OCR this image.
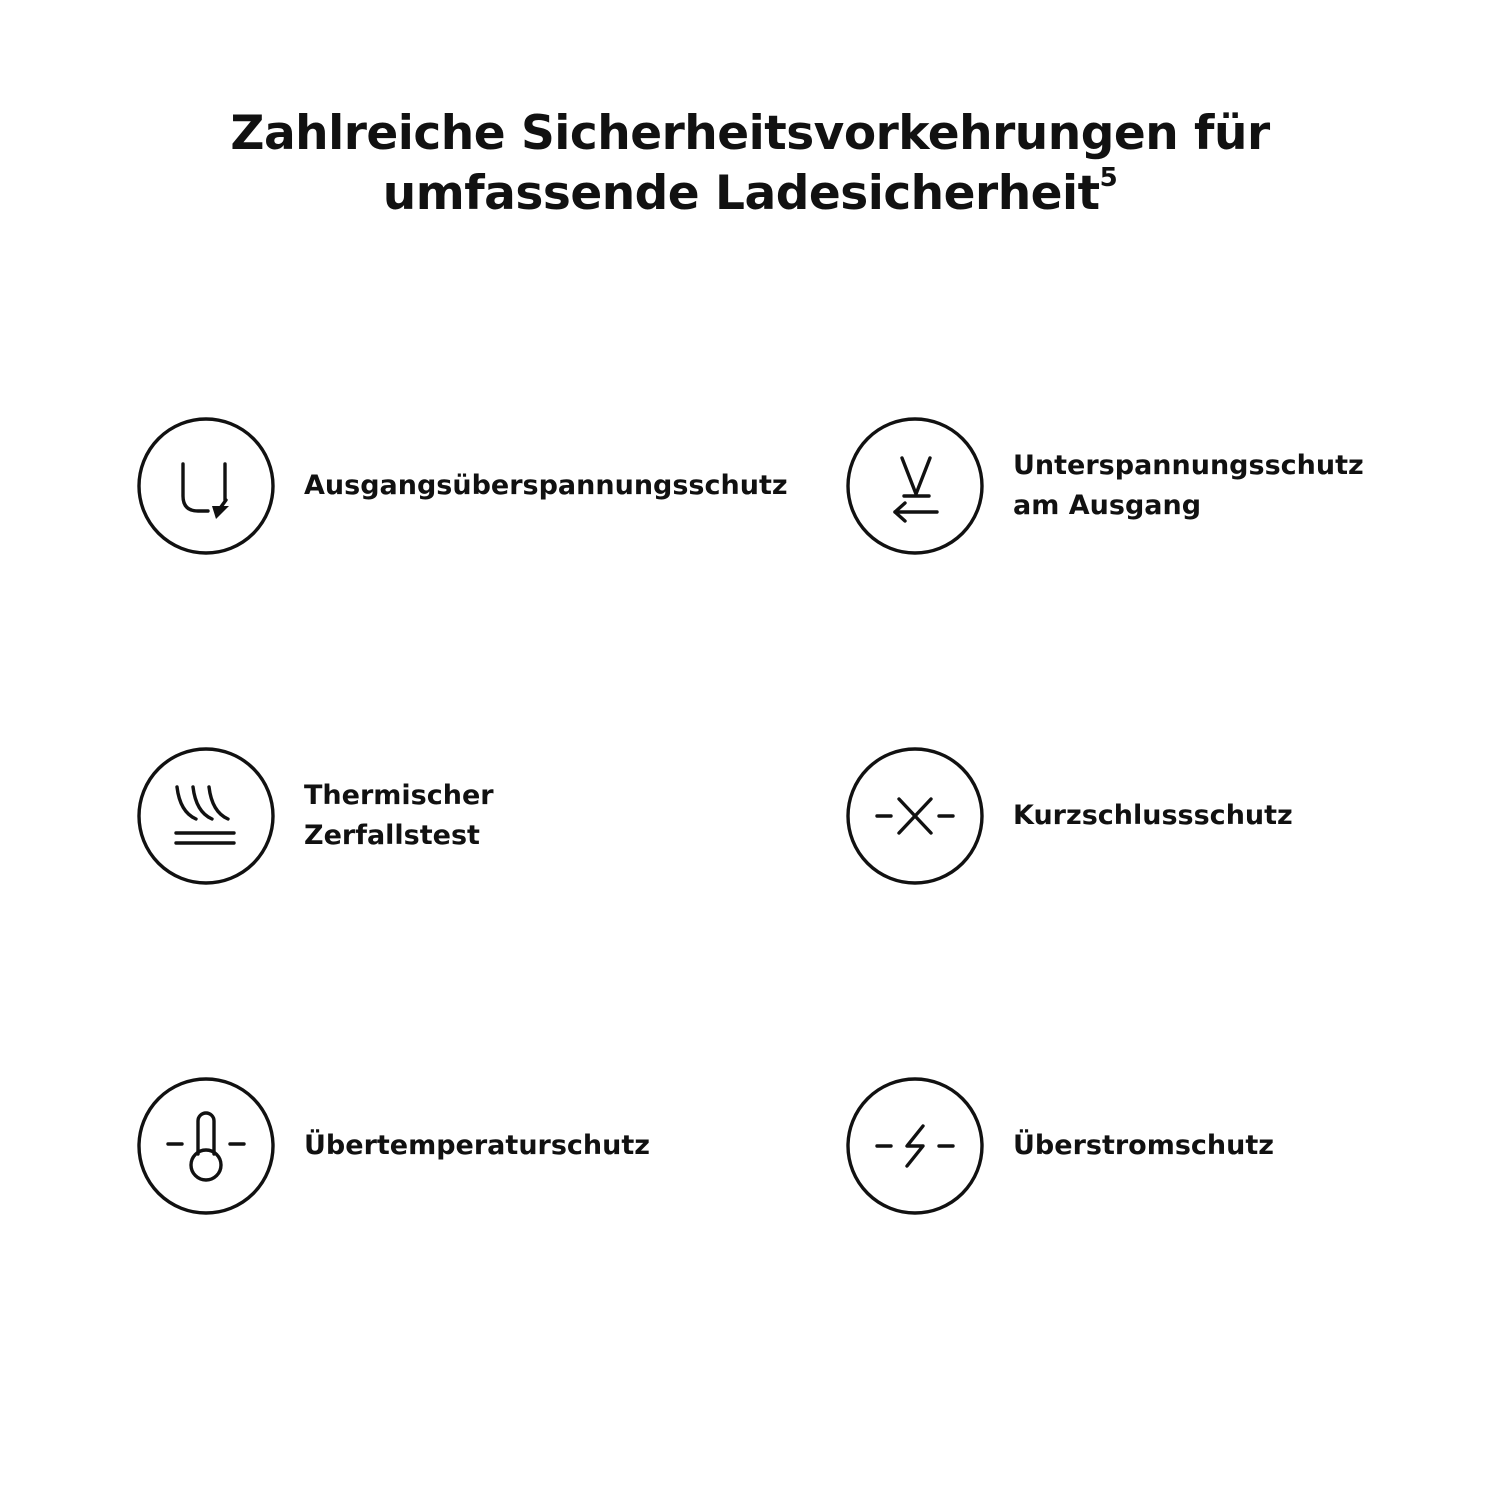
Zahlreiche Sicherheitsvorkehrungen für
umfassende Ladesicherheit$^5$
Ausgangsüberspannungsschutz
Unterspannungsschutz
am Ausgang
Thermischer
Zerfallstest
Kurzschlussschutz
Übertemperaturschutz	Überstromschutz
